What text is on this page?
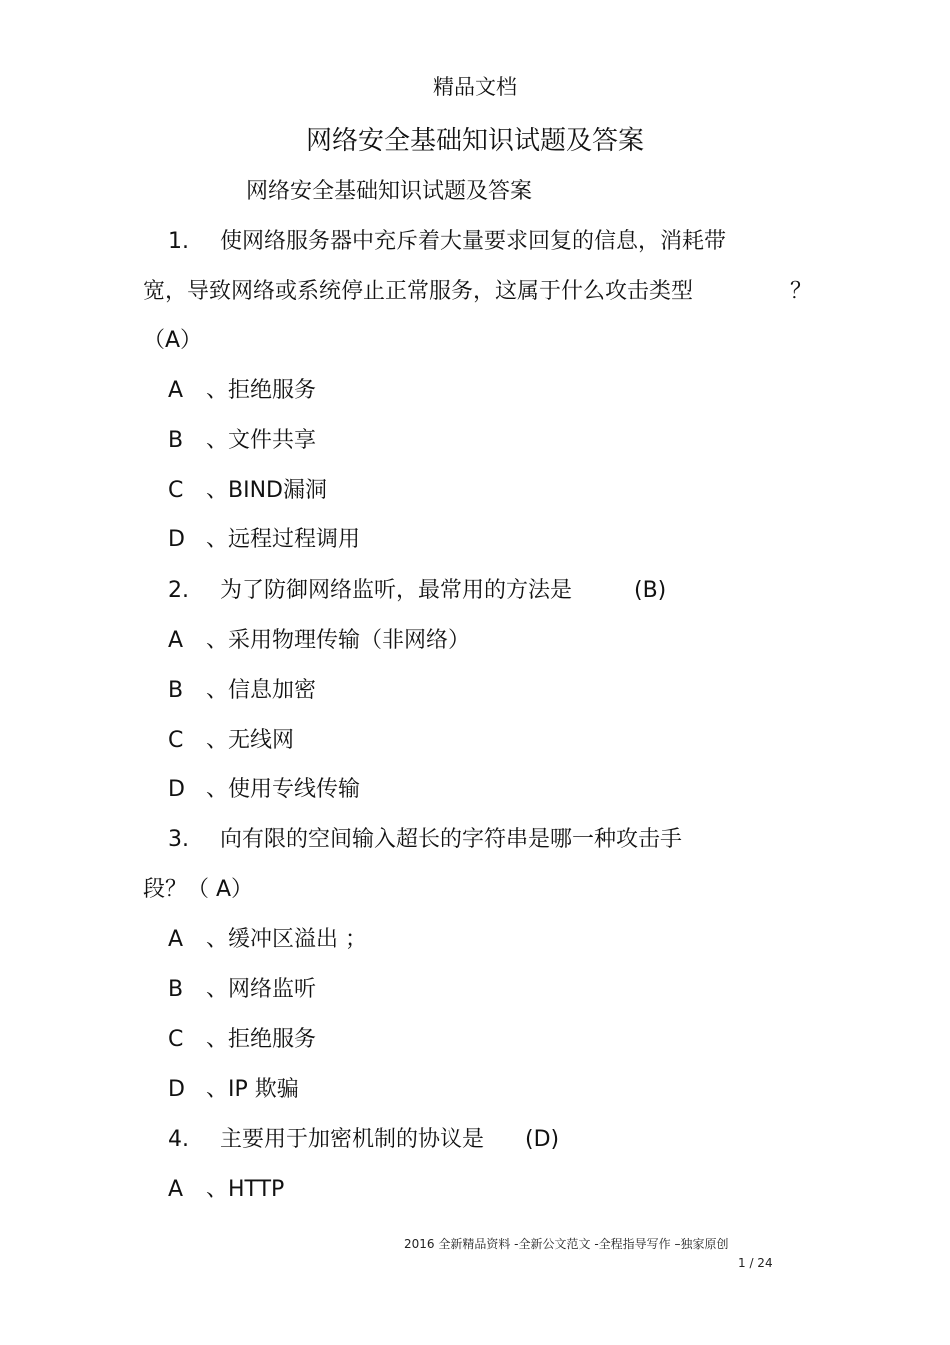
精品文档
网络安全基础知识试题及答案
网络安全基础知识试题及答案
1. 使网络服务器中充斥着大量要求回复的信息，消耗带
宽，导致网络或系统停止正常服务，这属于什么攻击类型	？
（A）
A 、拒绝服务
B 、文件共享
C 、BIND漏洞
D 、远程过程调用
2. 为了防御网络监听，最常用的方法是	(B)
A 、采用物理传输（非网络）
B 、信息加密
C 、无线网
D 、使用专线传输
3. 向有限的空间输入超长的字符串是哪一种攻击手
段？（ A）
A 、缓冲区溢出 ；
B 、网络监听
C 、拒绝服务
D 、IP 欺骗
4. 主要用于加密机制的协议是 (D)
A 、HTTP
2016 全新精品资料 -全新公文范文 -全程指导写作 –独家原创
1 / 24
